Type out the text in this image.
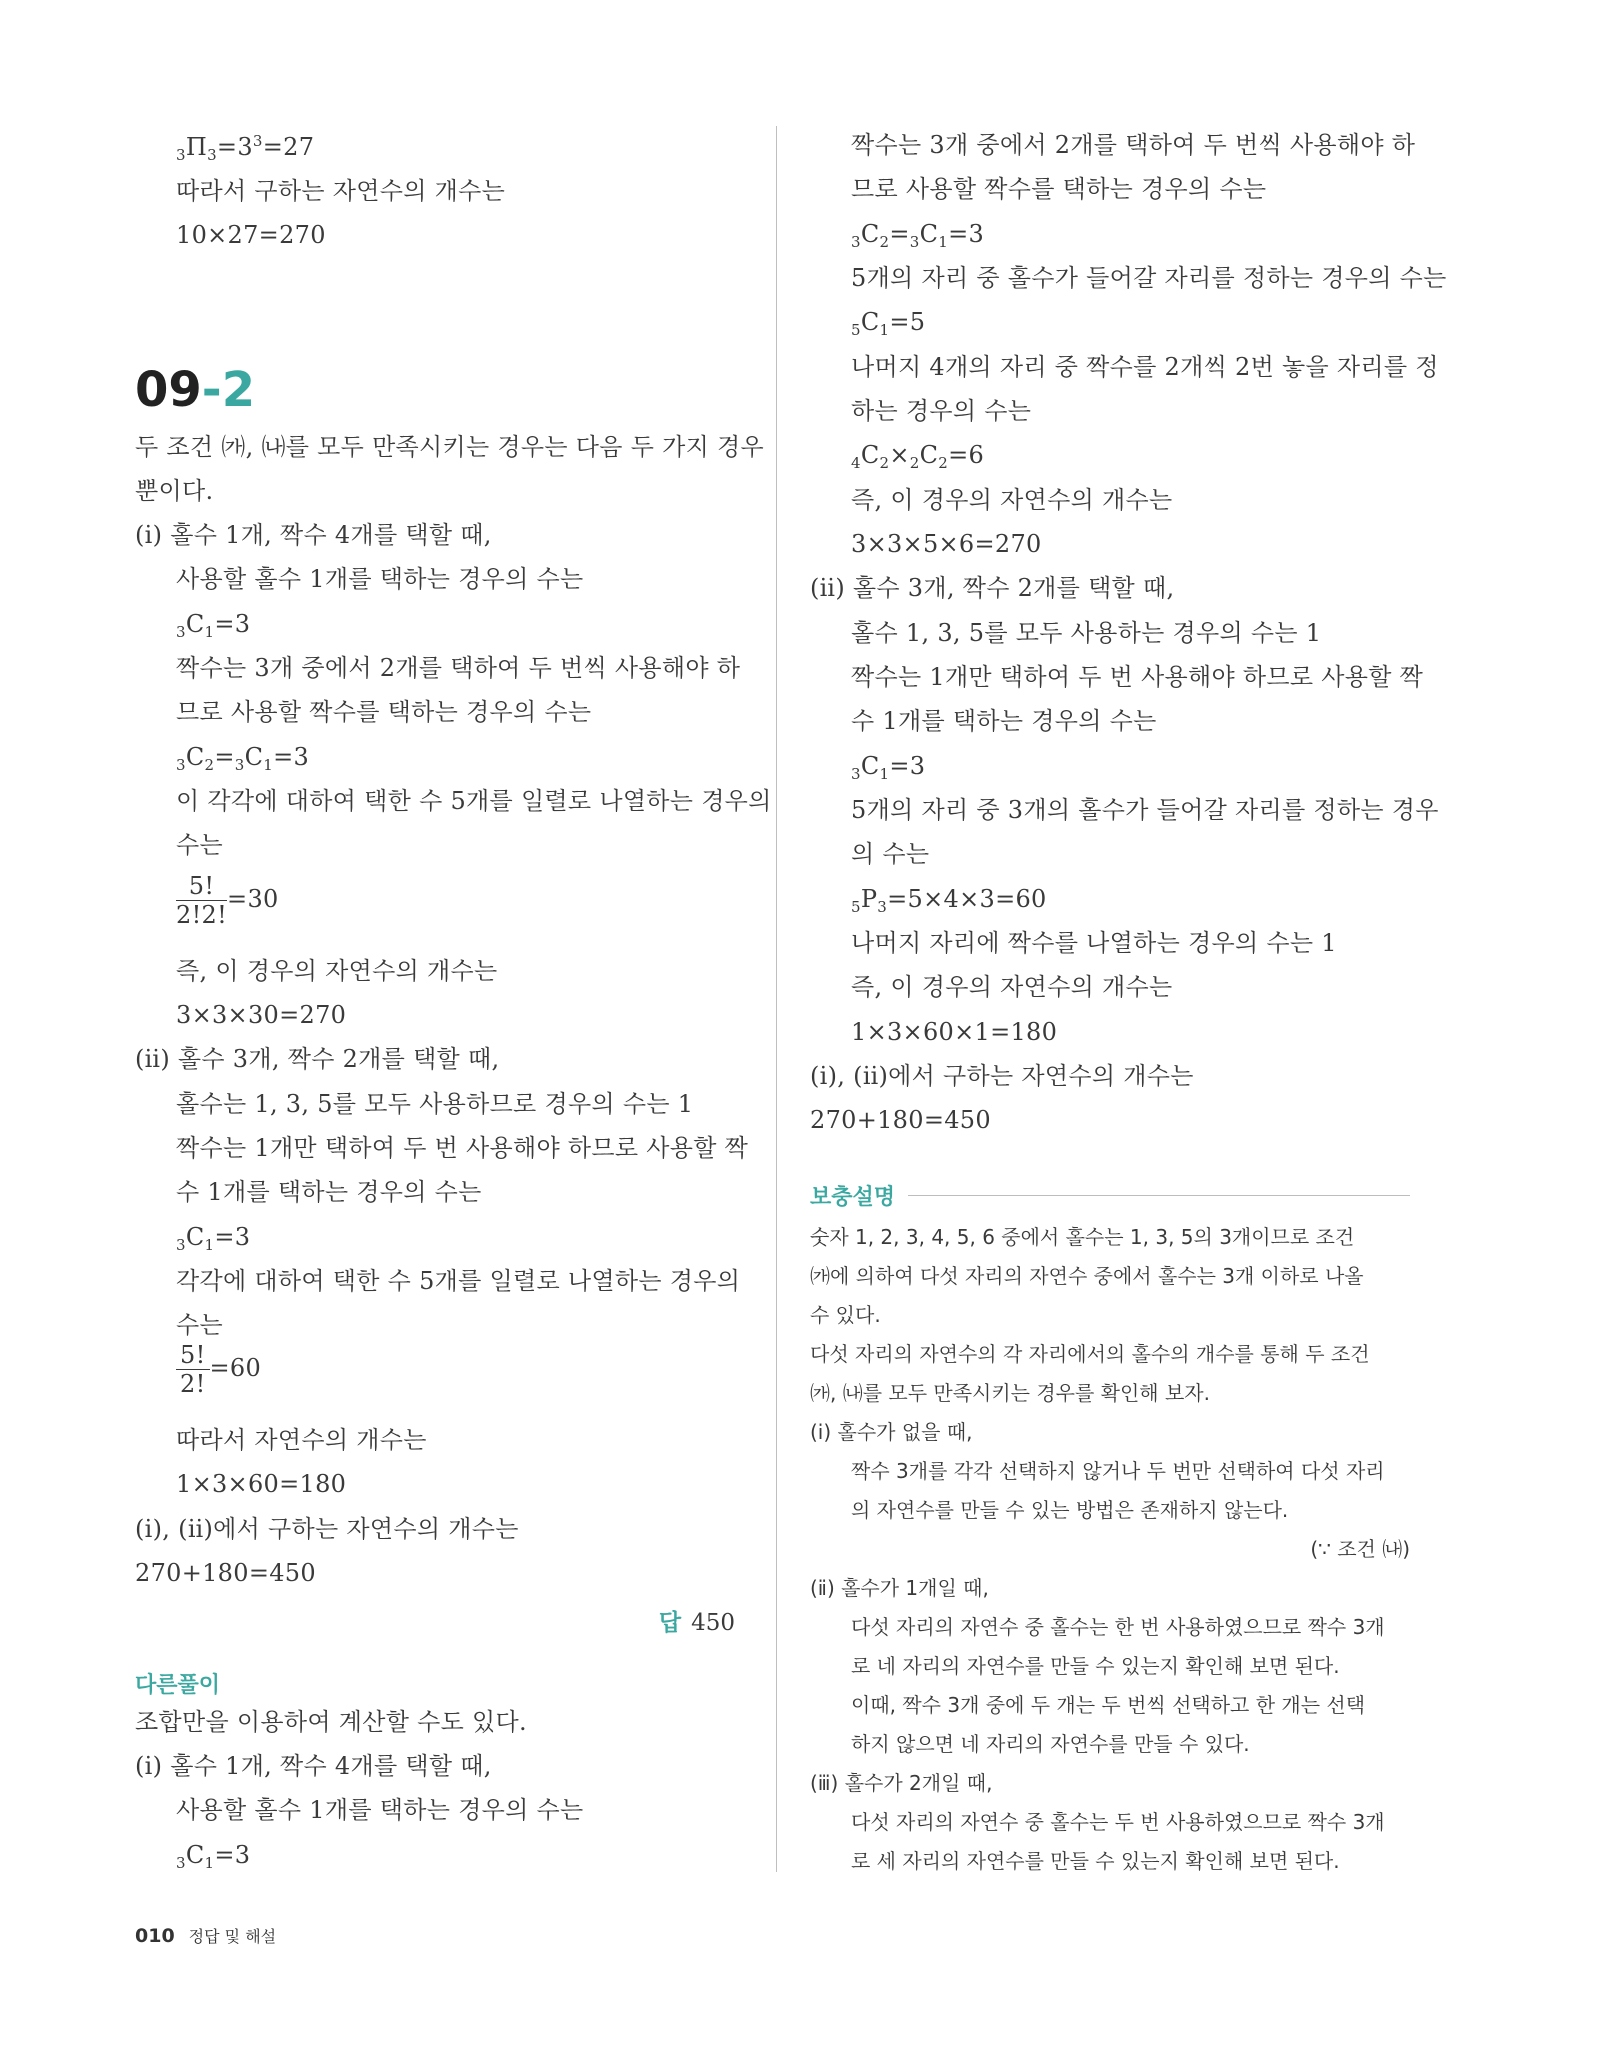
$_3\Pi_3=3^3=27$
따라서 구하는 자연수의 개수는
10×27=270
09-2
두 조건 ㈎, ㈏를 모두 만족시키는 경우는 다음 두 가지 경우
뿐이다.
(ⅰ) 홀수 1개, 짝수 4개를 택할 때,
사용할 홀수 1개를 택하는 경우의 수는
$_3C_1=3$
짝수는 3개 중에서 2개를 택하여 두 번씩 사용해야 하
므로 사용할 짝수를 택하는 경우의 수는
$_3C_2=_3C_1=3$
이 각각에 대하여 택한 수 5개를 일렬로 나열하는 경우의
수는
$\frac{5!}{2!2!} =30$
즉, 이 경우의 자연수의 개수는
3×3×30=270
(ⅱ) 홀수 3개, 짝수 2개를 택할 때,
홀수는 1, 3, 5를 모두 사용하므로 경우의 수는 1
짝수는 1개만 택하여 두 번 사용해야 하므로 사용할 짝
수 1개를 택하는 경우의 수는
$_3C_1=3$
각각에 대하여 택한 수 5개를 일렬로 나열하는 경우의
수는
$\frac{5!}{2!} =60$
따라서 자연수의 개수는
1×3×60=180
(ⅰ), (ⅱ)에서 구하는 자연수의 개수는
270+180=450
답 450
다른풀이
조합만을 이용하여 계산할 수도 있다.
(ⅰ) 홀수 1개, 짝수 4개를 택할 때,
사용할 홀수 1개를 택하는 경우의 수는
$_3C_1=3$
짝수는 3개 중에서 2개를 택하여 두 번씩 사용해야 하
므로 사용할 짝수를 택하는 경우의 수는
$_3C_2=_3C_1=3$
5개의 자리 중 홀수가 들어갈 자리를 정하는 경우의 수는
$_5C_1=5$
나머지 4개의 자리 중 짝수를 2개씩 2번 놓을 자리를 정
하는 경우의 수는
$_4C_2\times_2C_2=6$
즉, 이 경우의 자연수의 개수는
3×3×5×6=270
(ⅱ) 홀수 3개, 짝수 2개를 택할 때,
홀수 1, 3, 5를 모두 사용하는 경우의 수는 1
짝수는 1개만 택하여 두 번 사용해야 하므로 사용할 짝
수 1개를 택하는 경우의 수는
$_3C_1=3$
5개의 자리 중 3개의 홀수가 들어갈 자리를 정하는 경우
의 수는
$_5P_3=5\times 4\times 3=60$
나머지 자리에 짝수를 나열하는 경우의 수는 1
즉, 이 경우의 자연수의 개수는
1×3×60×1=180
(ⅰ), (ⅱ)에서 구하는 자연수의 개수는
270+180=450
보충설명
숫자 1, 2, 3, 4, 5, 6 중에서 홀수는 1, 3, 5의 3개이므로 조건
㈎에 의하여 다섯 자리의 자연수 중에서 홀수는 3개 이하로 나올
수 있다.
다섯 자리의 자연수의 각 자리에서의 홀수의 개수를 통해 두 조건
㈎, ㈏를 모두 만족시키는 경우를 확인해 보자.
(ⅰ) 홀수가 없을 때,
짝수 3개를 각각 선택하지 않거나 두 번만 선택하여 다섯 자리
의 자연수를 만들 수 있는 방법은 존재하지 않는다.
(∵ 조건 ㈏)
(ⅱ) 홀수가 1개일 때,
다섯 자리의 자연수 중 홀수는 한 번 사용하였으므로 짝수 3개
로 네 자리의 자연수를 만들 수 있는지 확인해 보면 된다.
이때, 짝수 3개 중에 두 개는 두 번씩 선택하고 한 개는 선택
하지 않으면 네 자리의 자연수를 만들 수 있다.
(ⅲ) 홀수가 2개일 때,
다섯 자리의 자연수 중 홀수는 두 번 사용하였으므로 짝수 3개
로 세 자리의 자연수를 만들 수 있는지 확인해 보면 된다.
010 정답 및 해설
